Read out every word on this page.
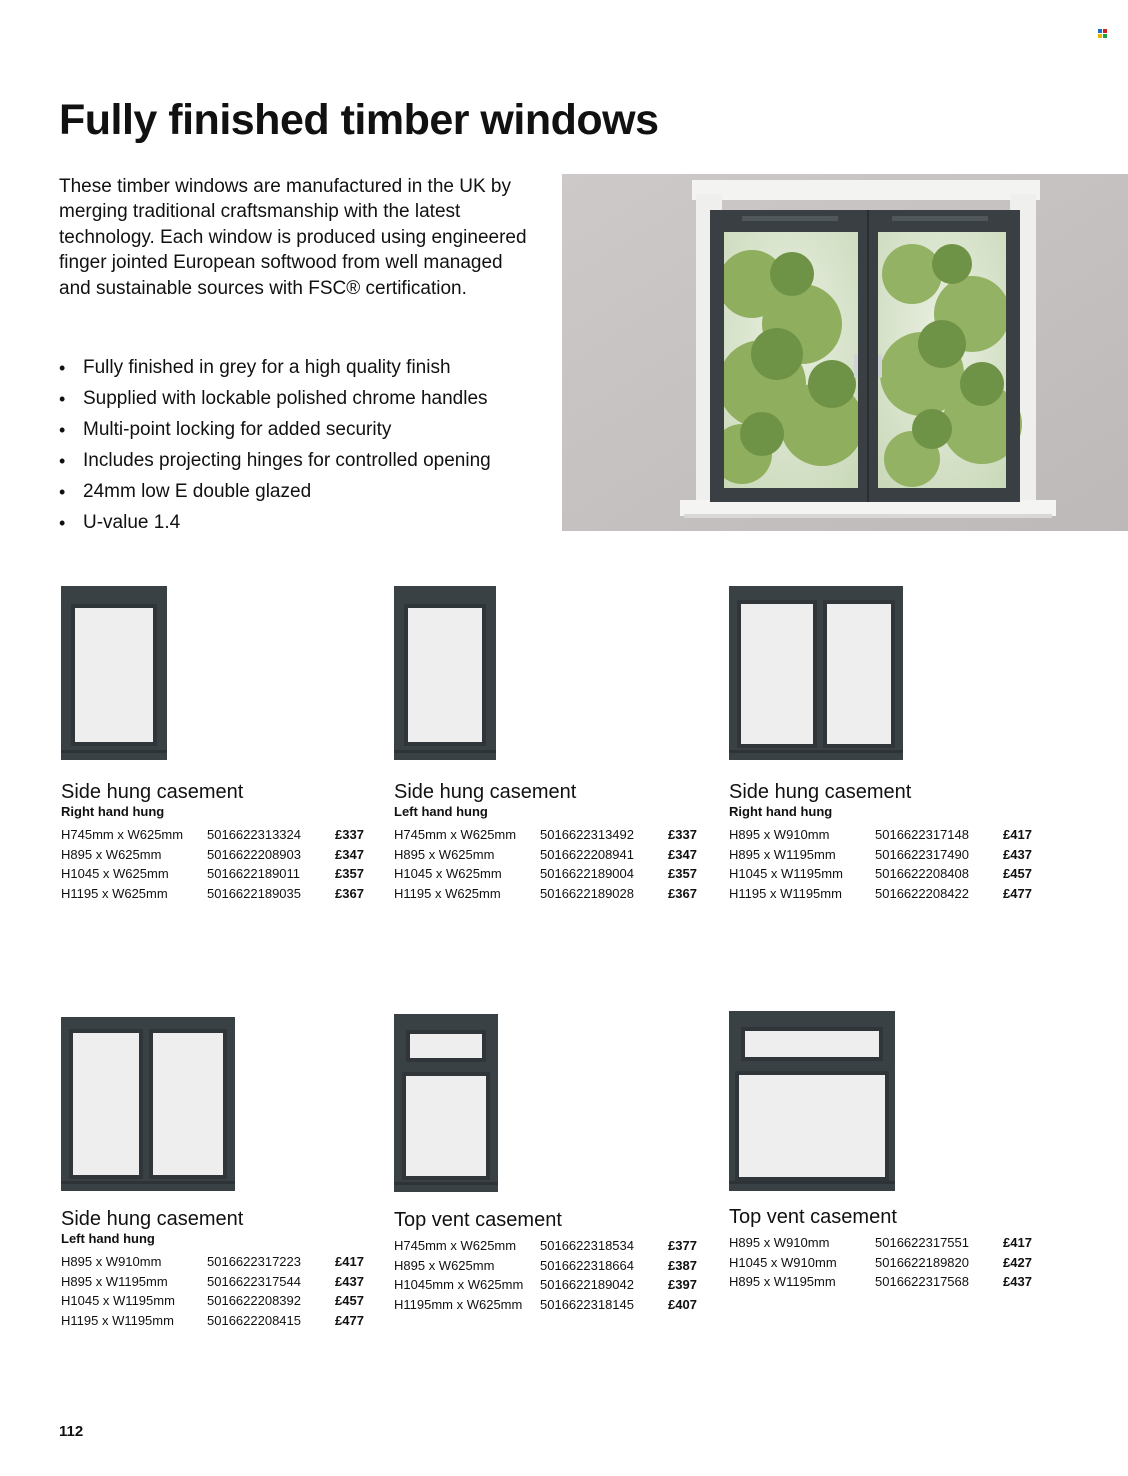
Fully finished timber windows

These timber windows are manufactured in the UK by merging traditional craftsmanship with the latest technology. Each window is produced using engineered finger jointed European softwood from well managed and sustainable sources with FSC® certification.

• Fully finished in grey for a high quality finish
• Supplied with lockable polished chrome handles
• Multi-point locking for added security
• Includes projecting hinges for controlled opening
• 24mm low E double glazed
• U-value 1.4
Side hung casement
Right hand hung
H745mm x W625mm	5016622313324	£337
H895 x W625mm	5016622208903	£347
H1045 x W625mm	5016622189011	£357
H1195 x W625mm	5016622189035	£367
Side hung casement
Left hand hung
H745mm x W625mm	5016622313492	£337
H895 x W625mm	5016622208941	£347
H1045 x W625mm	5016622189004	£357
H1195 x W625mm	5016622189028	£367
Side hung casement
Right hand hung
H895 x W910mm	5016622317148	£417
H895 x W1195mm	5016622317490	£437
H1045 x W1195mm	5016622208408	£457
H1195 x W1195mm	5016622208422	£477
Side hung casement
Left hand hung
H895 x W910mm	5016622317223	£417
H895 x W1195mm	5016622317544	£437
H1045 x W1195mm	5016622208392	£457
H1195 x W1195mm	5016622208415	£477
Top vent casement
H745mm x W625mm	5016622318534	£377
H895 x W625mm	5016622318664	£387
H1045mm x W625mm	5016622189042	£397
H1195mm x W625mm	5016622318145	£407
Top vent casement
H895 x W910mm	5016622317551	£417
H1045 x W910mm	5016622189820	£427
H895 x W1195mm	5016622317568	£437
112
